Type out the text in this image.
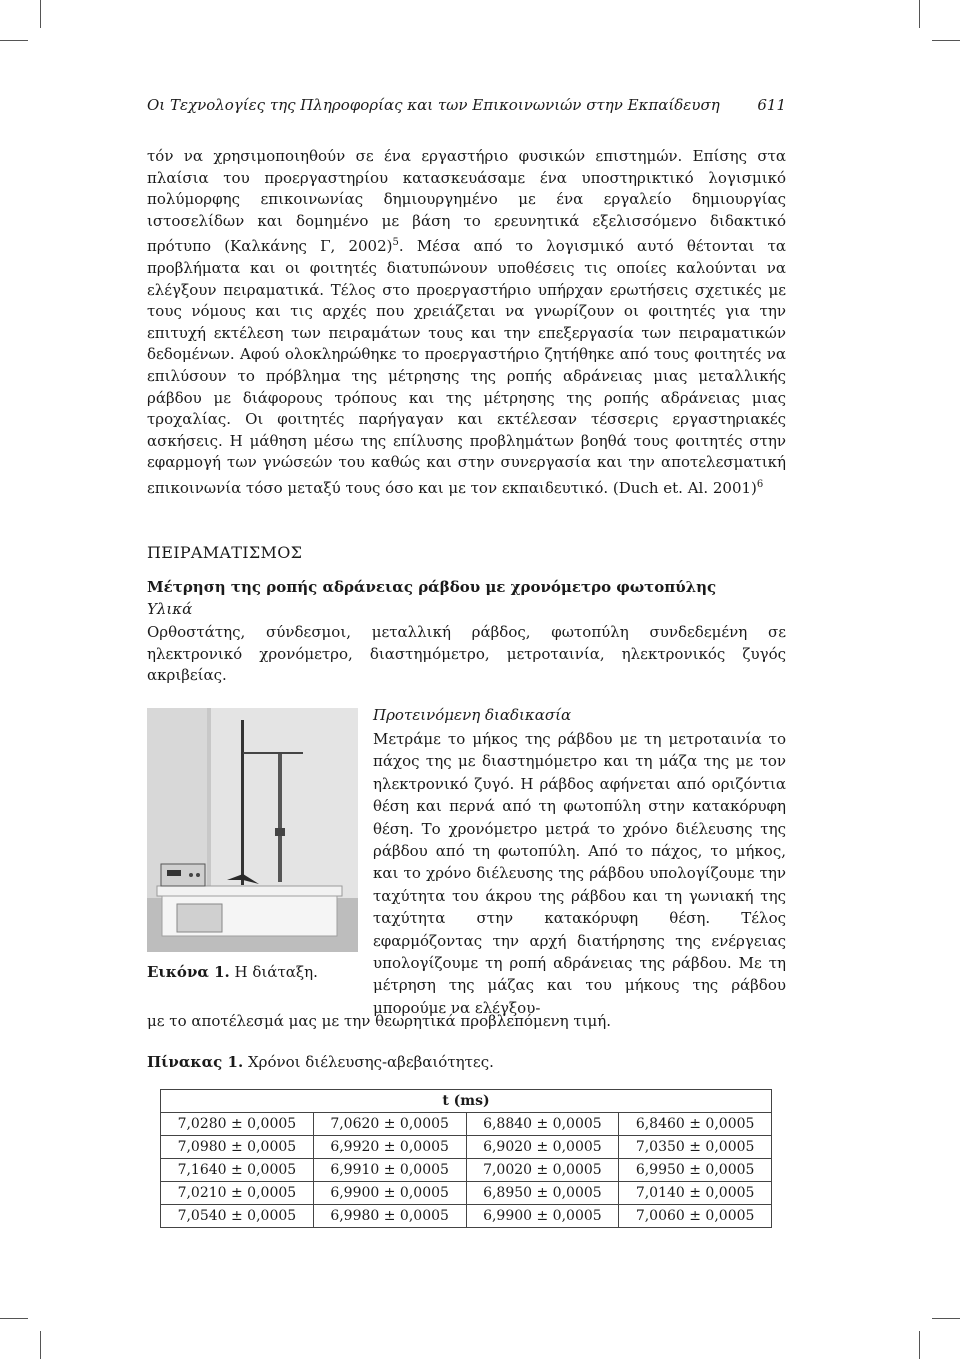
Οι Τεχνολογίες της Πληροφορίας και των Επικοινωνιών στην Εκπαίδευση	611
τόν να χρησιμοποιηθούν σε ένα εργαστήριο φυσικών επιστημών. Επίσης στα πλαίσια του προεργαστηρίου κατασκευάσαμε ένα υποστηρικτικό λογισμικό πολύμορφης επικοινωνίας δημιουργημένο με ένα εργαλείο δημιουργίας ιστοσελίδων και δομημένο με βάση το ερευνητικά εξελισσόμενο διδακτικό πρότυπο (Καλκάνης Γ, 2002)$^5$. Μέσα από το λογισμικό αυτό θέτονται τα προβλήματα και οι φοιτητές διατυπώνουν υποθέσεις τις οποίες καλούνται να ελέγξουν πειραματικά. Τέλος στο προεργαστήριο υπήρχαν ερωτήσεις σχετικές με τους νόμους και τις αρχές που χρειάζεται να γνωρίζουν οι φοιτητές για την επιτυχή εκτέλεση των πειραμάτων τους και την επεξεργασία των πειραματικών δεδομένων. Αφού ολοκληρώθηκε το προεργαστήριο ζητήθηκε από τους φοιτητές να επιλύσουν το πρόβλημα της μέτρησης της ροπής αδράνειας μιας μεταλλικής ράβδου με διάφορους τρόπους και της μέτρησης της ροπής αδράνειας μιας τροχαλίας. Οι φοιτητές παρήγαγαν και εκτέλεσαν τέσσερις εργαστηριακές ασκήσεις. Η μάθηση μέσω της επίλυσης προβλημάτων βοηθά τους φοιτητές στην εφαρμογή των γνώσεών του καθώς και στην συνεργασία και την αποτελεσματική επικοινωνία τόσο μεταξύ τους όσο και με τον εκπαιδευτικό. (Duch et. Al. 2001)$^6$
ΠΕΙΡΑΜΑΤΙΣΜΟΣ
Μέτρηση της ροπής αδράνειας ράβδου με χρονόμετρο φωτοπύλης
Υλικά
Ορθοστάτης, σύνδεσμοι, μεταλλική ράβδος, φωτοπύλη συνδεδεμένη σε ηλεκτρονικό χρονόμετρο, διαστημόμετρο, μετροταινία, ηλεκτρονικός ζυγός ακριβείας.
Εικόνα 1. Η διάταξη.
Προτεινόμενη διαδικασία
Μετράμε το μήκος της ράβδου με τη μετροταινία το πάχος της με διαστημόμετρο και τη μάζα της με τον ηλεκτρονικό ζυγό. Η ράβδος αφήνεται από οριζόντια θέση και περνά από τη φωτοπύλη στην κατακόρυφη θέση. Το χρονόμετρο μετρά το χρόνο διέλευσης της ράβδου από τη φωτοπύλη. Από το πάχος, το μήκος, και το χρόνο διέλευσης της ράβδου υπολογίζουμε την ταχύτητα του άκρου της ράβδου και τη γωνιακή της ταχύτητα στην κατακόρυφη θέση. Τέλος εφαρμόζοντας την αρχή διατήρησης της ενέργειας υπολογίζουμε τη ροπή αδράνειας της ράβδου. Με τη μέτρηση της μάζας και του μήκους της ράβδου μπορούμε να ελέγξου-
με το αποτέλεσμά μας με την θεωρητικά προβλεπόμενη τιμή.
Πίνακας 1. Χρόνοι διέλευσης-αβεβαιότητες.
t (ms)			
7,0280 ± 0,0005	7,0620 ± 0,0005	6,8840 ± 0,0005	6,8460 ± 0,0005
7,0980 ± 0,0005	6,9920 ± 0,0005	6,9020 ± 0,0005	7,0350 ± 0,0005
7,1640 ± 0,0005	6,9910 ± 0,0005	7,0020 ± 0,0005	6,9950 ± 0,0005
7,0210 ± 0,0005	6,9900 ± 0,0005	6,8950 ± 0,0005	7,0140 ± 0,0005
7,0540 ± 0,0005	6,9980 ± 0,0005	6,9900 ± 0,0005	7,0060 ± 0,0005
